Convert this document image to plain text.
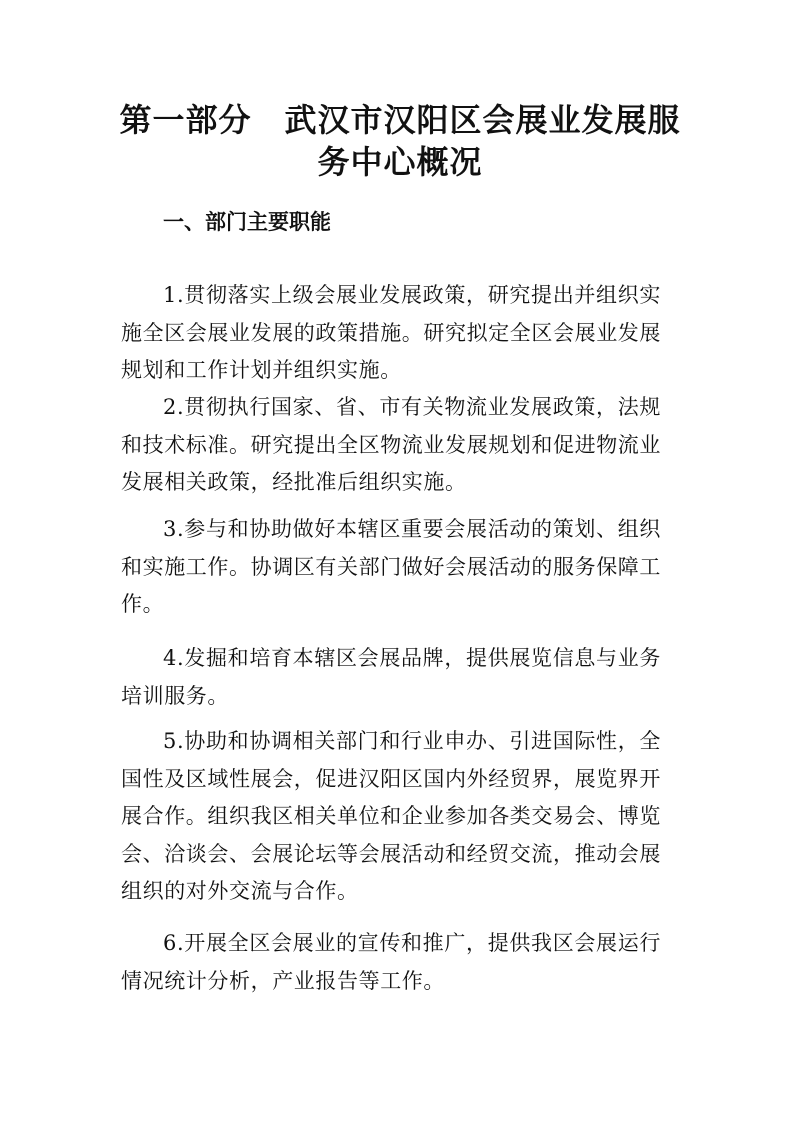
第一部分　武汉市汉阳区会展业发展服
务中心概况
一、部门主要职能

1.贯彻落实上级会展业发展政策，研究提出并组织实施全区会展业发展的政策措施。研究拟定全区会展业发展规划和工作计划并组织实施。

2.贯彻执行国家、省、市有关物流业发展政策，法规和技术标准。研究提出全区物流业发展规划和促进物流业发展相关政策，经批准后组织实施。

3.参与和协助做好本辖区重要会展活动的策划、组织和实施工作。协调区有关部门做好会展活动的服务保障工作。

4.发掘和培育本辖区会展品牌，提供展览信息与业务培训服务。

5.协助和协调相关部门和行业申办、引进国际性，全国性及区域性展会，促进汉阳区国内外经贸界，展览界开展合作。组织我区相关单位和企业参加各类交易会、博览会、洽谈会、会展论坛等会展活动和经贸交流，推动会展组织的对外交流与合作。

6.开展全区会展业的宣传和推广，提供我区会展运行情况统计分析，产业报告等工作。
